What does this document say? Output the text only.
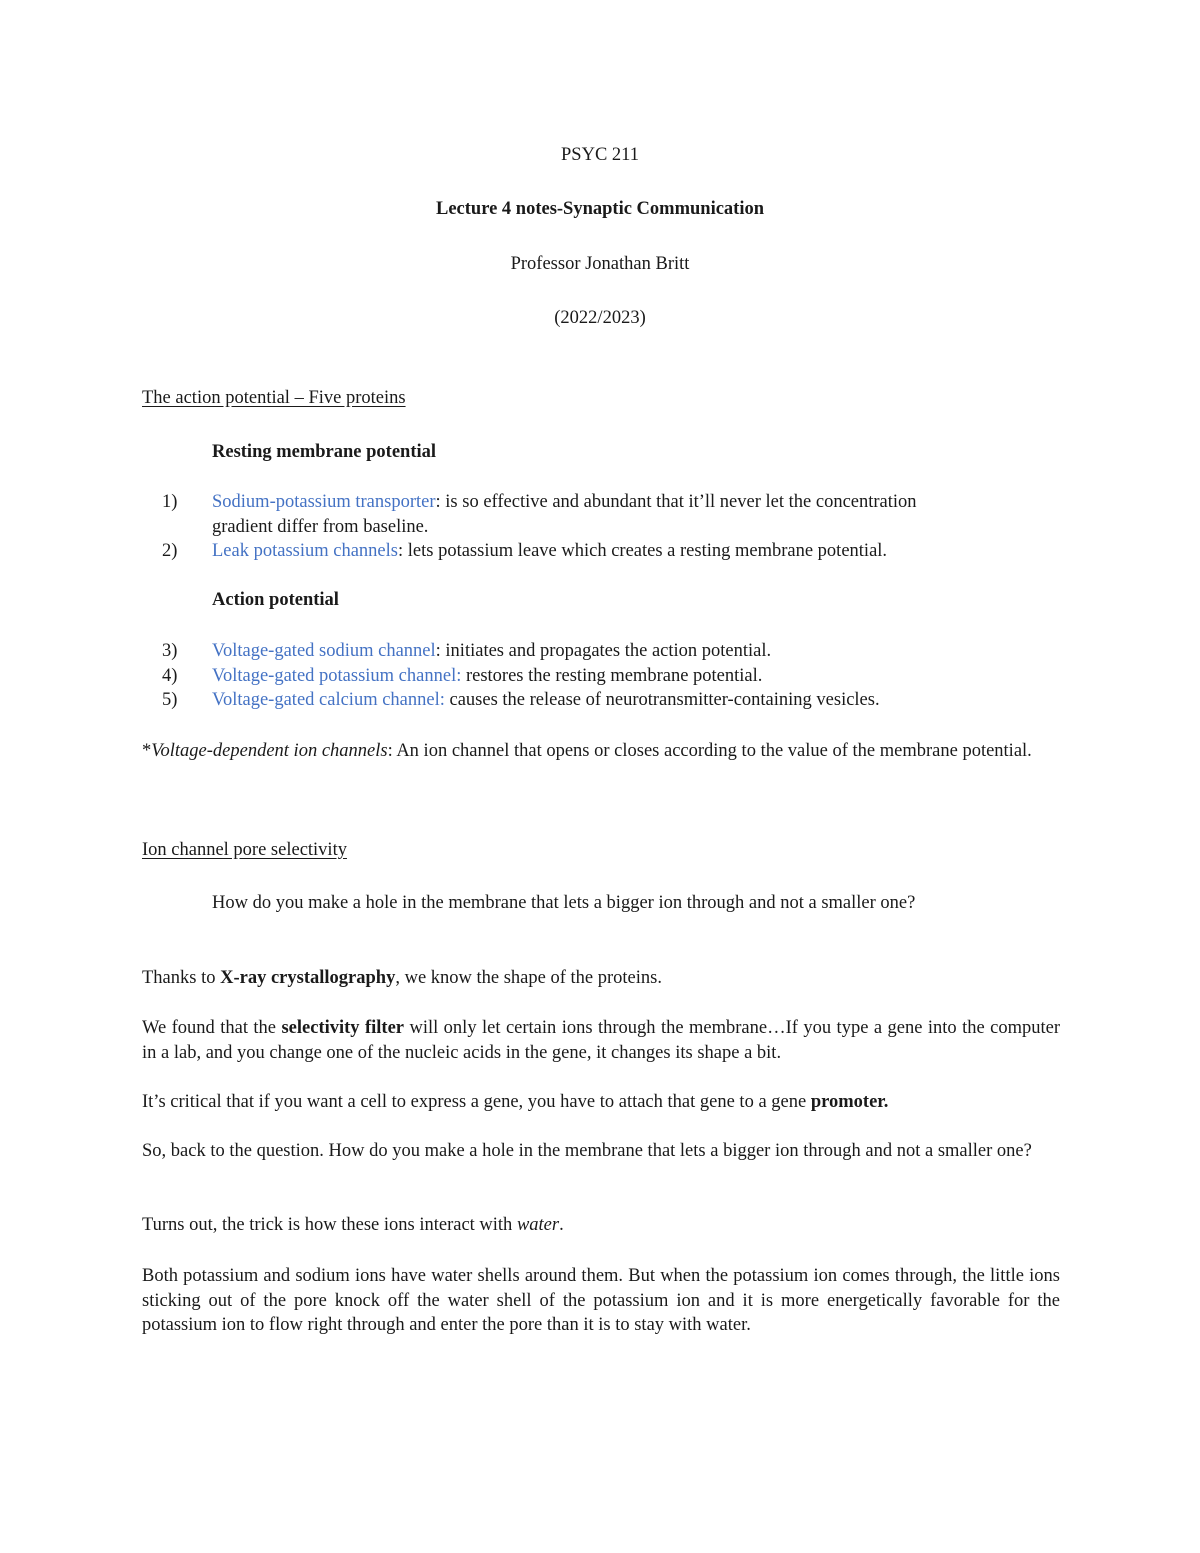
PSYC 211
Lecture 4 notes-Synaptic Communication
Professor Jonathan Britt
(2022/2023)
The action potential – Five proteins
Resting membrane potential
1) Sodium-potassium transporter: is so effective and abundant that it’ll never let the concentration
gradient differ from baseline.
2) Leak potassium channels: lets potassium leave which creates a resting membrane potential.
Action potential
3) Voltage-gated sodium channel: initiates and propagates the action potential.
4) Voltage-gated potassium channel: restores the resting membrane potential.
5) Voltage-gated calcium channel: causes the release of neurotransmitter-containing vesicles.
*Voltage-dependent ion channels: An ion channel that opens or closes according to the value of the membrane potential.
Ion channel pore selectivity
How do you make a hole in the membrane that lets a bigger ion through and not a smaller one?
Thanks to X-ray crystallography, we know the shape of the proteins.
We found that the selectivity filter will only let certain ions through the membrane…If you type a gene into the computer in a lab, and you change one of the nucleic acids in the gene, it changes its shape a bit.
It’s critical that if you want a cell to express a gene, you have to attach that gene to a gene promoter.
So, back to the question. How do you make a hole in the membrane that lets a bigger ion through and not a smaller one?
Turns out, the trick is how these ions interact with water.
Both potassium and sodium ions have water shells around them. But when the potassium ion comes through, the little ions sticking out of the pore knock off the water shell of the potassium ion and it is more energetically favorable for the potassium ion to flow right through and enter the pore than it is to stay with water.
